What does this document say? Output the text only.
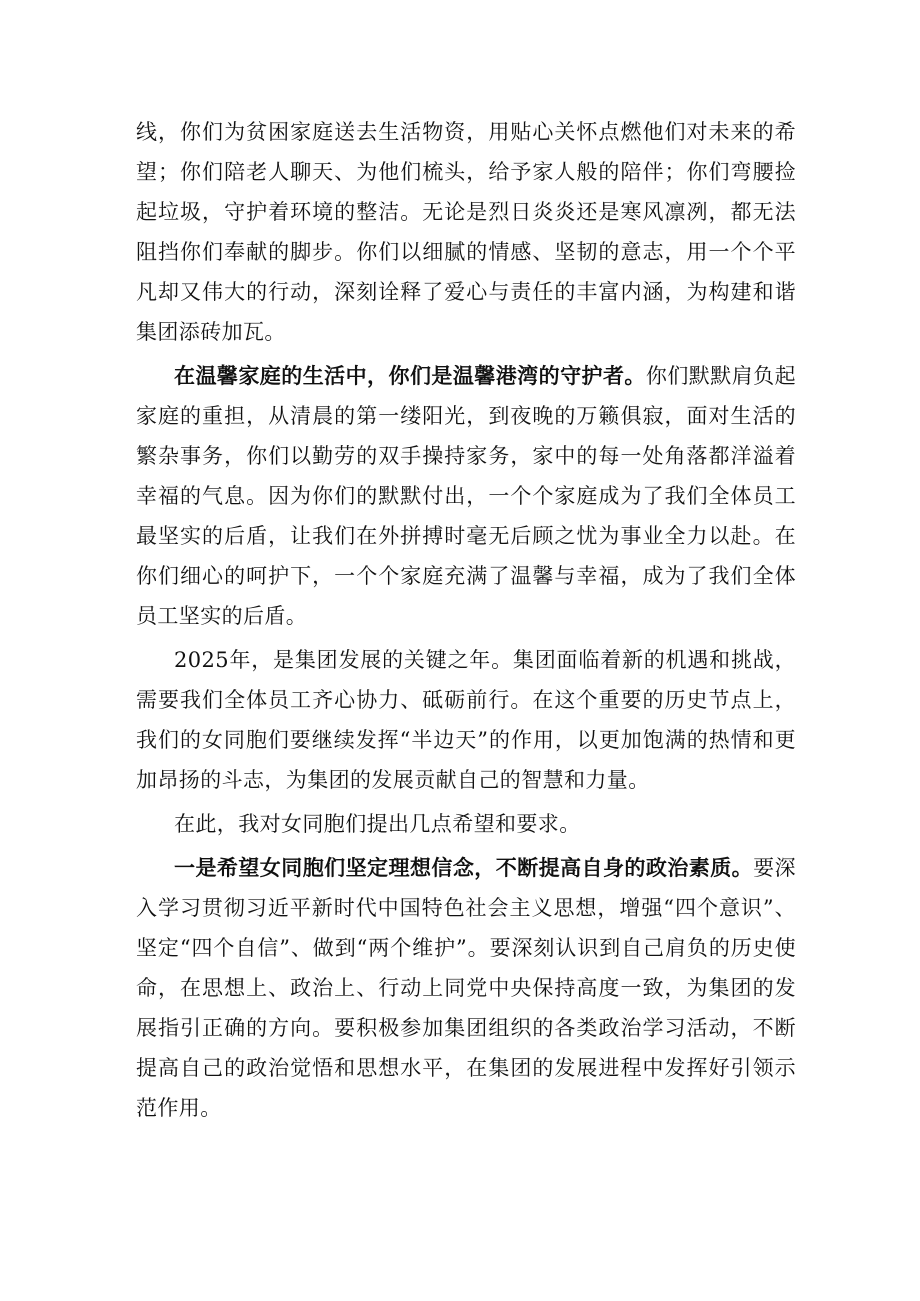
线，你们为贫困家庭送去生活物资，用贴心关怀点燃他们对未来的希望；你们陪老人聊天、为他们梳头，给予家人般的陪伴；你们弯腰捡起垃圾，守护着环境的整洁。无论是烈日炎炎还是寒风凛冽，都无法阻挡你们奉献的脚步。你们以细腻的情感、坚韧的意志，用一个个平凡却又伟大的行动，深刻诠释了爱心与责任的丰富内涵，为构建和谐集团添砖加瓦。

在温馨家庭的生活中，你们是温馨港湾的守护者。你们默默肩负起家庭的重担，从清晨的第一缕阳光，到夜晚的万籁俱寂，面对生活的繁杂事务，你们以勤劳的双手操持家务，家中的每一处角落都洋溢着幸福的气息。因为你们的默默付出，一个个家庭成为了我们全体员工最坚实的后盾，让我们在外拼搏时毫无后顾之忧为事业全力以赴。在你们细心的呵护下，一个个家庭充满了温馨与幸福，成为了我们全体员工坚实的后盾。

2025年，是集团发展的关键之年。集团面临着新的机遇和挑战，需要我们全体员工齐心协力、砥砺前行。在这个重要的历史节点上，我们的女同胞们要继续发挥“半边天”的作用，以更加饱满的热情和更加昂扬的斗志，为集团的发展贡献自己的智慧和力量。

在此，我对女同胞们提出几点希望和要求。

一是希望女同胞们坚定理想信念，不断提高自身的政治素质。要深入学习贯彻习近平新时代中国特色社会主义思想，增强“四个意识”、坚定“四个自信”、做到“两个维护”。要深刻认识到自己肩负的历史使命，在思想上、政治上、行动上同党中央保持高度一致，为集团的发展指引正确的方向。要积极参加集团组织的各类政治学习活动，不断提高自己的政治觉悟和思想水平，在集团的发展进程中发挥好引领示范作用。
